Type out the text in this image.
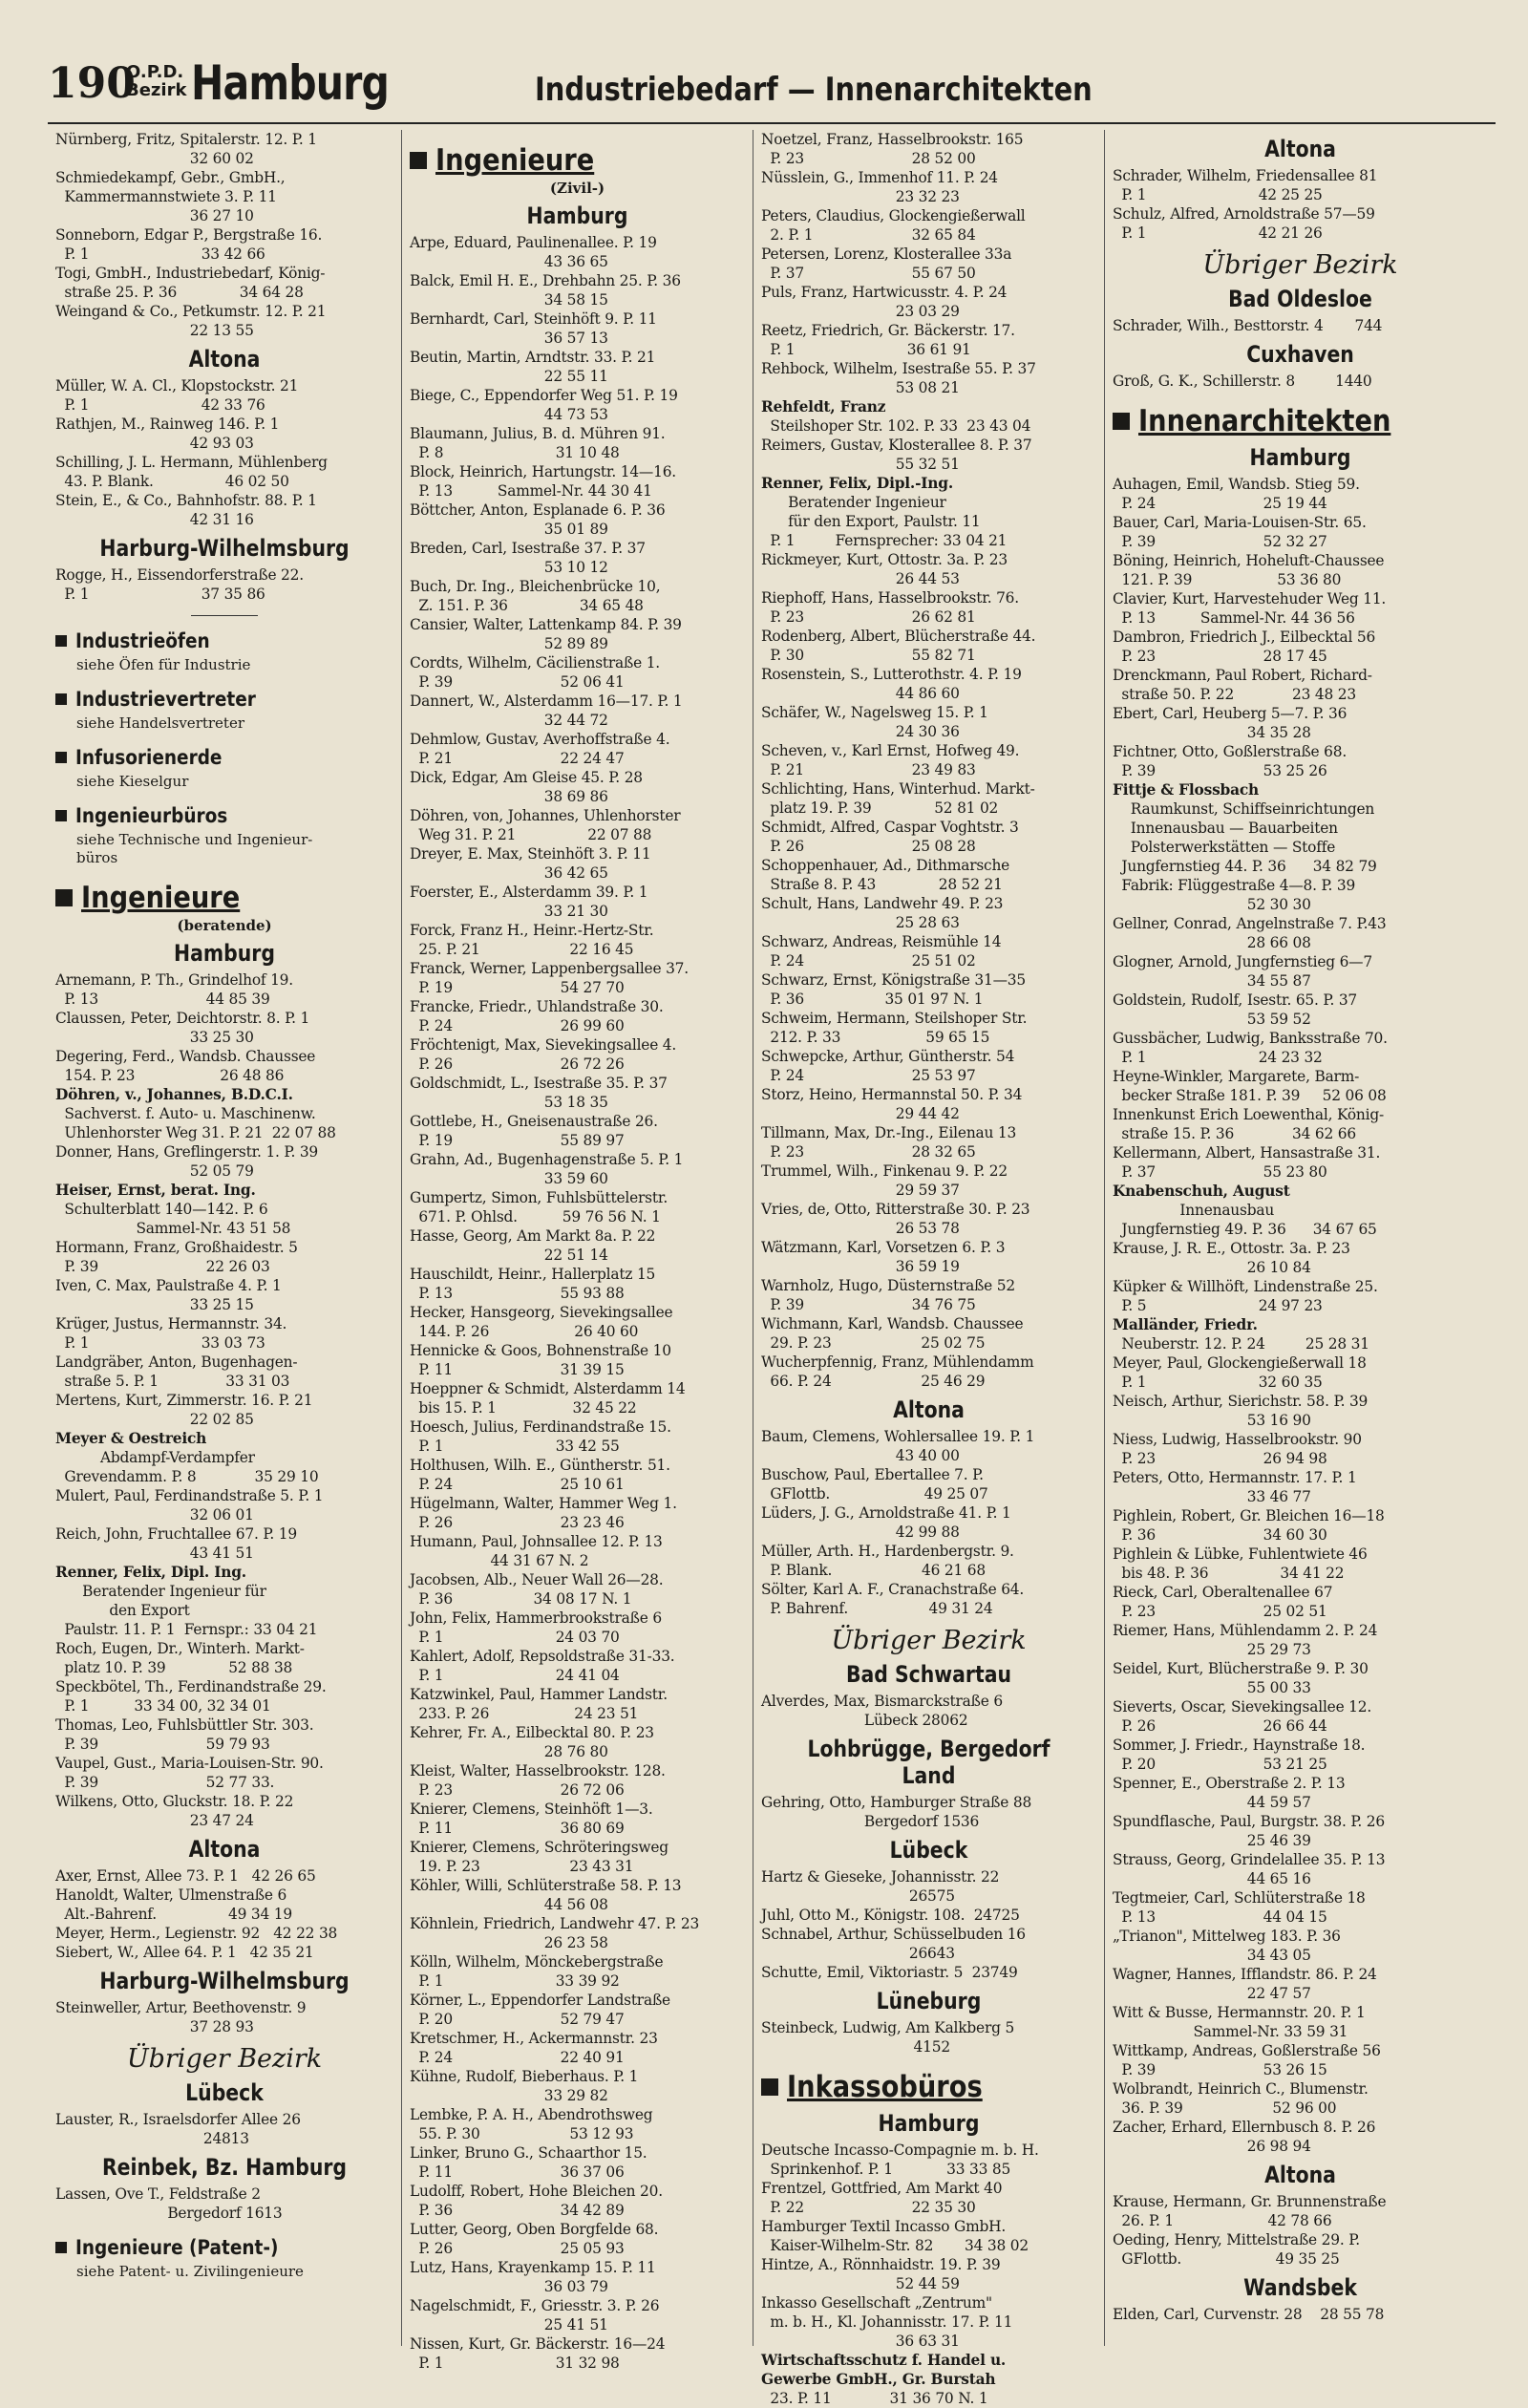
190
O.P.D.
Bezirk Hamburg	Industriebedarf — Innenarchitekten
Nürnberg, Fritz, Spitalerstr. 12. P. 1
32 60 02
Schmiedekampf, Gebr., GmbH.,
Kammermannstwiete 3. P. 11
36 27 10
Sonneborn, Edgar P., Bergstraße 16.
P. 1                         33 42 66
Togi, GmbH., Industriebedarf, König-
straße 25. P. 36              34 64 28
Weingand & Co., Petkumstr. 12. P. 21
22 13 55
Altona
Müller, W. A. Cl., Klopstockstr. 21
P. 1                         42 33 76
Rathjen, M., Rainweg 146. P. 1
42 93 03
Schilling, J. L. Hermann, Mühlenberg
43. P. Blank.                46 02 50
Stein, E., & Co., Bahnhofstr. 88. P. 1
42 31 16
Harburg-Wilhelmsburg
Rogge, H., Eissendorferstraße 22.
P. 1                         37 35 86
Industrieöfen
siehe Öfen für Industrie
Industrievertreter
siehe Handelsvertreter
Infusorienerde
siehe Kieselgur
Ingenieurbüros
siehe Technische und Ingenieur-
büros
Ingenieure
(beratende)
Hamburg
Arnemann, P. Th., Grindelhof 19.
P. 13                        44 85 39
Claussen, Peter, Deichtorstr. 8. P. 1
33 25 30
Degering, Ferd., Wandsb. Chaussee
154. P. 23                   26 48 86
Döhren, v., Johannes, B.D.C.I.
Sachverst. f. Auto- u. Maschinenw.
Uhlenhorster Weg 31. P. 21  22 07 88
Donner, Hans, Greflingerstr. 1. P. 39
52 05 79
Heiser, Ernst, berat. Ing.
Schulterblatt 140—142. P. 6
Sammel-Nr. 43 51 58
Hormann, Franz, Großhaidestr. 5
P. 39                        22 26 03
Iven, C. Max, Paulstraße 4. P. 1
33 25 15
Krüger, Justus, Hermannstr. 34.
P. 1                         33 03 73
Landgräber, Anton, Bugenhagen-
straße 5. P. 1               33 31 03
Mertens, Kurt, Zimmerstr. 16. P. 21
22 02 85
Meyer & Oestreich
Abdampf-Verdampfer
Grevendamm. P. 8             35 29 10
Mulert, Paul, Ferdinandstraße 5. P. 1
32 06 01
Reich, John, Fruchtallee 67. P. 19
43 41 51
Renner, Felix, Dipl. Ing.
Beratender Ingenieur für
den Export
Paulstr. 11. P. 1  Fernspr.: 33 04 21
Roch, Eugen, Dr., Winterh. Markt-
platz 10. P. 39              52 88 38
Speckbötel, Th., Ferdinandstraße 29.
P. 1          33 34 00, 32 34 01
Thomas, Leo, Fuhlsbüttler Str. 303.
P. 39                        59 79 93
Vaupel, Gust., Maria-Louisen-Str. 90.
P. 39                        52 77 33.
Wilkens, Otto, Gluckstr. 18. P. 22
23 47 24
Altona
Axer, Ernst, Allee 73. P. 1   42 26 65
Hanoldt, Walter, Ulmenstraße 6
Alt.-Bahrenf.                49 34 19
Meyer, Herm., Legienstr. 92   42 22 38
Siebert, W., Allee 64. P. 1   42 35 21
Harburg-Wilhelmsburg
Steinweller, Artur, Beethovenstr. 9
37 28 93
Übriger Bezirk
Lübeck
Lauster, R., Israelsdorfer Allee 26
24813
Reinbek, Bz. Hamburg
Lassen, Ove T., Feldstraße 2
Bergedorf 1613
Ingenieure (Patent-)
siehe Patent- u. Zivilingenieure
Ingenieure
(Zivil-)
Hamburg
Arpe, Eduard, Paulinenallee. P. 19
43 36 65
Balck, Emil H. E., Drehbahn 25. P. 36
34 58 15
Bernhardt, Carl, Steinhöft 9. P. 11
36 57 13
Beutin, Martin, Arndtstr. 33. P. 21
22 55 11
Biege, C., Eppendorfer Weg 51. P. 19
44 73 53
Blaumann, Julius, B. d. Mühren 91.
P. 8                         31 10 48
Block, Heinrich, Hartungstr. 14—16.
P. 13          Sammel-Nr. 44 30 41
Böttcher, Anton, Esplanade 6. P. 36
35 01 89
Breden, Carl, Isestraße 37. P. 37
53 10 12
Buch, Dr. Ing., Bleichenbrücke 10,
Z. 151. P. 36                34 65 48
Cansier, Walter, Lattenkamp 84. P. 39
52 89 89
Cordts, Wilhelm, Cäcilienstraße 1.
P. 39                        52 06 41
Dannert, W., Alsterdamm 16—17. P. 1
32 44 72
Dehmlow, Gustav, Averhoffstraße 4.
P. 21                        22 24 47
Dick, Edgar, Am Gleise 45. P. 28
38 69 86
Döhren, von, Johannes, Uhlenhorster
Weg 31. P. 21                22 07 88
Dreyer, E. Max, Steinhöft 3. P. 11
36 42 65
Foerster, E., Alsterdamm 39. P. 1
33 21 30
Forck, Franz H., Heinr.-Hertz-Str.
25. P. 21                    22 16 45
Franck, Werner, Lappenbergsallee 37.
P. 19                        54 27 70
Francke, Friedr., Uhlandstraße 30.
P. 24                        26 99 60
Fröchtenigt, Max, Sievekingsallee 4.
P. 26                        26 72 26
Goldschmidt, L., Isestraße 35. P. 37
53 18 35
Gottlebe, H., Gneisenaustraße 26.
P. 19                        55 89 97
Grahn, Ad., Bugenhagenstraße 5. P. 1
33 59 60
Gumpertz, Simon, Fuhlsbüttelerstr.
671. P. Ohlsd.          59 76 56 N. 1
Hasse, Georg, Am Markt 8a. P. 22
22 51 14
Hauschildt, Heinr., Hallerplatz 15
P. 13                        55 93 88
Hecker, Hansgeorg, Sievekingsallee
144. P. 26                   26 40 60
Hennicke & Goos, Bohnenstraße 10
P. 11                        31 39 15
Hoeppner & Schmidt, Alsterdamm 14
bis 15. P. 1                 32 45 22
Hoesch, Julius, Ferdinandstraße 15.
P. 1                         33 42 55
Holthusen, Wilh. E., Güntherstr. 51.
P. 24                        25 10 61
Hügelmann, Walter, Hammer Weg 1.
P. 26                        23 23 46
Humann, Paul, Johnsallee 12. P. 13
44 31 67 N. 2
Jacobsen, Alb., Neuer Wall 26—28.
P. 36                  34 08 17 N. 1
John, Felix, Hammerbrookstraße 6
P. 1                         24 03 70
Kahlert, Adolf, Repsoldstraße 31-33.
P. 1                         24 41 04
Katzwinkel, Paul, Hammer Landstr.
233. P. 26                   24 23 51
Kehrer, Fr. A., Eilbecktal 80. P. 23
28 76 80
Kleist, Walter, Hasselbrookstr. 128.
P. 23                        26 72 06
Knierer, Clemens, Steinhöft 1—3.
P. 11                        36 80 69
Knierer, Clemens, Schröteringsweg
19. P. 23                    23 43 31
Köhler, Willi, Schlüterstraße 58. P. 13
44 56 08
Köhnlein, Friedrich, Landwehr 47. P. 23
26 23 58
Kölln, Wilhelm, Mönckebergstraße
P. 1                         33 39 92
Körner, L., Eppendorfer Landstraße
P. 20                        52 79 47
Kretschmer, H., Ackermannstr. 23
P. 24                        22 40 91
Kühne, Rudolf, Bieberhaus. P. 1
33 29 82
Lembke, P. A. H., Abendrothsweg
55. P. 30                    53 12 93
Linker, Bruno G., Schaarthor 15.
P. 11                        36 37 06
Ludolff, Robert, Hohe Bleichen 20.
P. 36                        34 42 89
Lutter, Georg, Oben Borgfelde 68.
P. 26                        25 05 93
Lutz, Hans, Krayenkamp 15. P. 11
36 03 79
Nagelschmidt, F., Griesstr. 3. P. 26
25 41 51
Nissen, Kurt, Gr. Bäckerstr. 16—24
P. 1                         31 32 98
Noetzel, Franz, Hasselbrookstr. 165
P. 23                        28 52 00
Nüsslein, G., Immenhof 11. P. 24
23 32 23
Peters, Claudius, Glockengießerwall
2. P. 1                      32 65 84
Petersen, Lorenz, Klosterallee 33a
P. 37                        55 67 50
Puls, Franz, Hartwicusstr. 4. P. 24
23 03 29
Reetz, Friedrich, Gr. Bäckerstr. 17.
P. 1                         36 61 91
Rehbock, Wilhelm, Isestraße 55. P. 37
53 08 21
Rehfeldt, Franz
Steilshoper Str. 102. P. 33  23 43 04
Reimers, Gustav, Klosterallee 8. P. 37
55 32 51
Renner, Felix, Dipl.-Ing.
Beratender Ingenieur
für den Export, Paulstr. 11
P. 1         Fernsprecher: 33 04 21
Rickmeyer, Kurt, Ottostr. 3a. P. 23
26 44 53
Riephoff, Hans, Hasselbrookstr. 76.
P. 23                        26 62 81
Rodenberg, Albert, Blücherstraße 44.
P. 30                        55 82 71
Rosenstein, S., Lutterothstr. 4. P. 19
44 86 60
Schäfer, W., Nagelsweg 15. P. 1
24 30 36
Scheven, v., Karl Ernst, Hofweg 49.
P. 21                        23 49 83
Schlichting, Hans, Winterhud. Markt-
platz 19. P. 39              52 81 02
Schmidt, Alfred, Caspar Voghtstr. 3
P. 26                        25 08 28
Schoppenhauer, Ad., Dithmarsche
Straße 8. P. 43              28 52 21
Schult, Hans, Landwehr 49. P. 23
25 28 63
Schwarz, Andreas, Reismühle 14
P. 24                        25 51 02
Schwarz, Ernst, Königstraße 31—35
P. 36                  35 01 97 N. 1
Schweim, Hermann, Steilshoper Str.
212. P. 33                   59 65 15
Schwepcke, Arthur, Güntherstr. 54
P. 24                        25 53 97
Storz, Heino, Hermannstal 50. P. 34
29 44 42
Tillmann, Max, Dr.-Ing., Eilenau 13
P. 23                        28 32 65
Trummel, Wilh., Finkenau 9. P. 22
29 59 37
Vries, de, Otto, Ritterstraße 30. P. 23
26 53 78
Wätzmann, Karl, Vorsetzen 6. P. 3
36 59 19
Warnholz, Hugo, Düsternstraße 52
P. 39                        34 76 75
Wichmann, Karl, Wandsb. Chaussee
29. P. 23                    25 02 75
Wucherpfennig, Franz, Mühlendamm
66. P. 24                    25 46 29
Altona
Baum, Clemens, Wohlersallee 19. P. 1
43 40 00
Buschow, Paul, Ebertallee 7. P.
GFlottb.                     49 25 07
Lüders, J. G., Arnoldstraße 41. P. 1
42 99 88
Müller, Arth. H., Hardenbergstr. 9.
P. Blank.                    46 21 68
Sölter, Karl A. F., Cranachstraße 64.
P. Bahrenf.                  49 31 24
Übriger Bezirk
Bad Schwartau
Alverdes, Max, Bismarckstraße 6
Lübeck 28062
Lohbrügge, Bergedorf Land
Gehring, Otto, Hamburger Straße 88
Bergedorf 1536
Lübeck
Hartz & Gieseke, Johannisstr. 22
26575
Juhl, Otto M., Königstr. 108.  24725
Schnabel, Arthur, Schüsselbuden 16
26643
Schutte, Emil, Viktoriastr. 5  23749
Lüneburg
Steinbeck, Ludwig, Am Kalkberg 5
4152
Inkassobüros
Hamburg
Deutsche Incasso-Compagnie m. b. H.
Sprinkenhof. P. 1            33 33 85
Frentzel, Gottfried, Am Markt 40
P. 22                        22 35 30
Hamburger Textil Incasso GmbH.
Kaiser-Wilhelm-Str. 82       34 38 02
Hintze, A., Rönnhaidstr. 19. P. 39
52 44 59
Inkasso Gesellschaft „Zentrum"
m. b. H., Kl. Johannisstr. 17. P. 11
36 63 31
Wirtschaftsschutz f. Handel u.
Gewerbe GmbH., Gr. Burstah
23. P. 11             31 36 70 N. 1
Altona
Schrader, Wilhelm, Friedensallee 81
P. 1                         42 25 25
Schulz, Alfred, Arnoldstraße 57—59
P. 1                         42 21 26
Übriger Bezirk
Bad Oldesloe
Schrader, Wilh., Besttorstr. 4       744
Cuxhaven
Groß, G. K., Schillerstr. 8         1440
Innenarchitekten
Hamburg
Auhagen, Emil, Wandsb. Stieg 59.
P. 24                        25 19 44
Bauer, Carl, Maria-Louisen-Str. 65.
P. 39                        52 32 27
Böning, Heinrich, Hoheluft-Chaussee
121. P. 39                   53 36 80
Clavier, Kurt, Harvestehuder Weg 11.
P. 13          Sammel-Nr. 44 36 56
Dambron, Friedrich J., Eilbecktal 56
P. 23                        28 17 45
Drenckmann, Paul Robert, Richard-
straße 50. P. 22             23 48 23
Ebert, Carl, Heuberg 5—7. P. 36
34 35 28
Fichtner, Otto, Goßlerstraße 68.
P. 39                        53 25 26
Fittje & Flossbach
Raumkunst, Schiffseinrichtungen
Innenausbau — Bauarbeiten
Polsterwerkstätten — Stoffe
Jungfernstieg 44. P. 36      34 82 79
Fabrik: Flüggestraße 4—8. P. 39
52 30 30
Gellner, Conrad, Angelnstraße 7. P.43
28 66 08
Glogner, Arnold, Jungfernstieg 6—7
34 55 87
Goldstein, Rudolf, Isestr. 65. P. 37
53 59 52
Gussbächer, Ludwig, Banksstraße 70.
P. 1                         24 23 32
Heyne-Winkler, Margarete, Barm-
becker Straße 181. P. 39     52 06 08
Innenkunst Erich Loewenthal, König-
straße 15. P. 36             34 62 66
Kellermann, Albert, Hansastraße 31.
P. 37                        55 23 80
Knabenschuh, August
Innenausbau
Jungfernstieg 49. P. 36      34 67 65
Krause, J. R. E., Ottostr. 3a. P. 23
26 10 84
Küpker & Willhöft, Lindenstraße 25.
P. 5                         24 97 23
Malländer, Friedr.
Neuberstr. 12. P. 24         25 28 31
Meyer, Paul, Glockengießerwall 18
P. 1                         32 60 35
Neisch, Arthur, Sierichstr. 58. P. 39
53 16 90
Niess, Ludwig, Hasselbrookstr. 90
P. 23                        26 94 98
Peters, Otto, Hermannstr. 17. P. 1
33 46 77
Pighlein, Robert, Gr. Bleichen 16—18
P. 36                        34 60 30
Pighlein & Lübke, Fuhlentwiete 46
bis 48. P. 36                34 41 22
Rieck, Carl, Oberaltenallee 67
P. 23                        25 02 51
Riemer, Hans, Mühlendamm 2. P. 24
25 29 73
Seidel, Kurt, Blücherstraße 9. P. 30
55 00 33
Sieverts, Oscar, Sievekingsallee 12.
P. 26                        26 66 44
Sommer, J. Friedr., Haynstraße 18.
P. 20                        53 21 25
Spenner, E., Oberstraße 2. P. 13
44 59 57
Spundflasche, Paul, Burgstr. 38. P. 26
25 46 39
Strauss, Georg, Grindelallee 35. P. 13
44 65 16
Tegtmeier, Carl, Schlüterstraße 18
P. 13                        44 04 15
„Trianon", Mittelweg 183. P. 36
34 43 05
Wagner, Hannes, Ifflandstr. 86. P. 24
22 47 57
Witt & Busse, Hermannstr. 20. P. 1
Sammel-Nr. 33 59 31
Wittkamp, Andreas, Goßlerstraße 56
P. 39                        53 26 15
Wolbrandt, Heinrich C., Blumenstr.
36. P. 39                    52 96 00
Zacher, Erhard, Ellernbusch 8. P. 26
26 98 94
Altona
Krause, Hermann, Gr. Brunnenstraße
26. P. 1                     42 78 66
Oeding, Henry, Mittelstraße 29. P.
GFlottb.                     49 35 25
Wandsbek
Elden, Carl, Curvenstr. 28    28 55 78
